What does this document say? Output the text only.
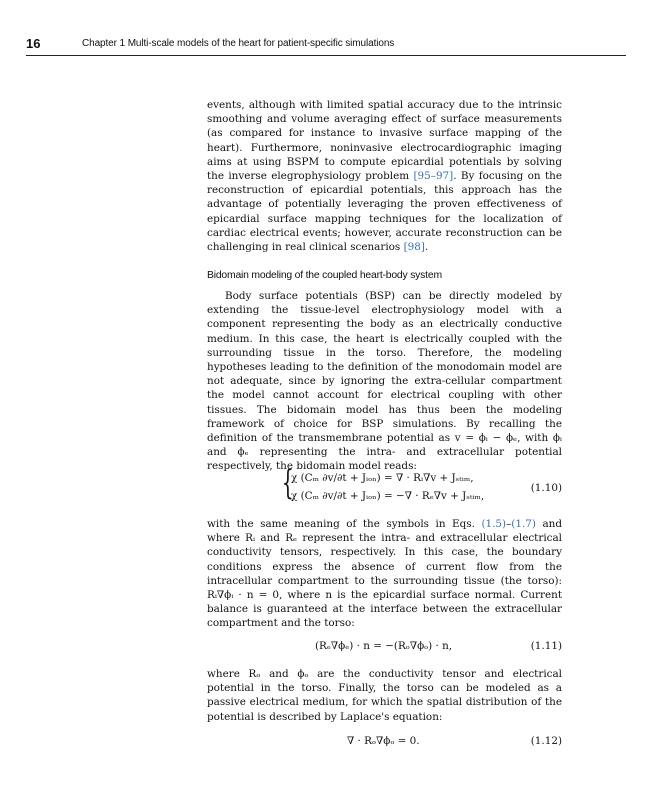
16	Chapter 1 Multi-scale models of the heart for patient-specific simulations

events, although with limited spatial accuracy due to the intrinsic smoothing and volume averaging effect of surface measurements (as compared for instance to invasive surface mapping of the heart). Furthermore, noninvasive electrocardiographic imaging aims at using BSPM to compute epicardial potentials by solving the inverse elegrophysiology problem [95–97]. By focusing on the reconstruction of epicardial potentials, this approach has the advantage of potentially leveraging the proven effectiveness of epicardial surface mapping techniques for the localization of cardiac electrical events; however, accurate reconstruction can be challenging in real clinical scenarios [98].

Bidomain modeling of the coupled heart-body system

Body surface potentials (BSP) can be directly modeled by extending the tissue-level electrophysiology model with a component representing the body as an electrically conductive medium. In this case, the heart is electrically coupled with the surrounding tissue in the torso. Therefore, the modeling hypotheses leading to the definition of the monodomain model are not adequate, since by ignoring the extra-cellular compartment the model cannot account for electrical coupling with other tissues. The bidomain model has thus been the modeling framework of choice for BSP simulations. By recalling the definition of the transmembrane potential as v = ϕᵢ − ϕₑ, with ϕᵢ and ϕₑ representing the intra- and extracellular potential respectively, the bidomain model reads:

{
χ (Cₘ ∂v/∂t + Jᵢₒₙ) = ∇ · Rᵢ∇v + Jₛₜᵢₘ,
χ (Cₘ ∂v/∂t + Jᵢₒₙ) = −∇ · Rₑ∇v + Jₛₜᵢₘ,
(1.10)

with the same meaning of the symbols in Eqs. (1.5)–(1.7) and where Rᵢ and Rₑ represent the intra- and extracellular electrical conductivity tensors, respectively. In this case, the boundary conditions express the absence of current flow from the intracellular compartment to the surrounding tissue (the torso): Rᵢ∇ϕᵢ · n = 0, where n is the epicardial surface normal. Current balance is guaranteed at the interface between the extracellular compartment and the torso:

(Rₑ∇ϕₑ) · n = −(Rₒ∇ϕₒ) · n,	(1.11)

where Rₒ and ϕₒ are the conductivity tensor and electrical potential in the torso. Finally, the torso can be modeled as a passive electrical medium, for which the spatial distribution of the potential is described by Laplace's equation:

∇ · Rₒ∇ϕₒ = 0.	(1.12)
